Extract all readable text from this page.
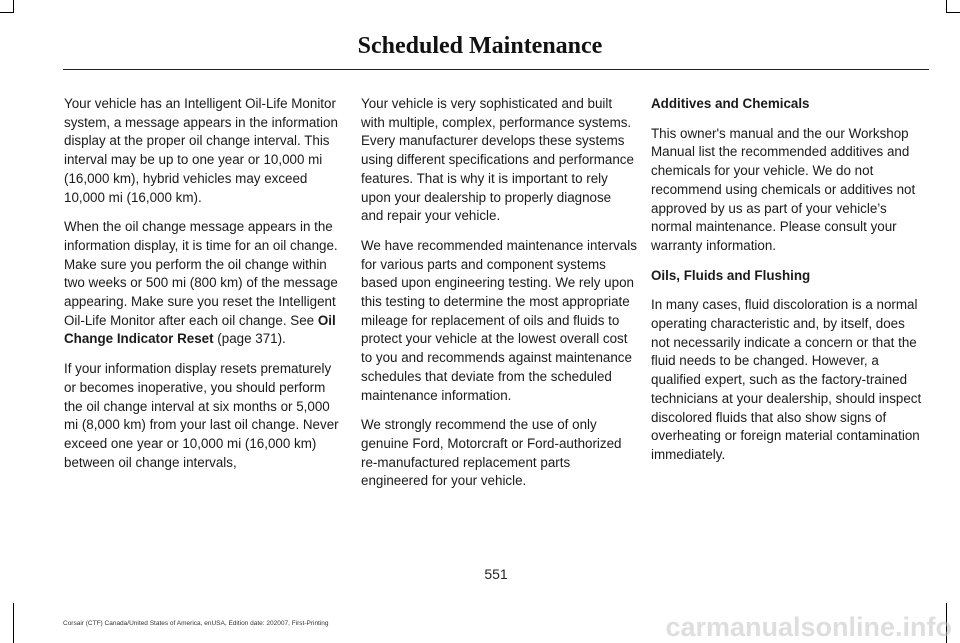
Scheduled Maintenance

Your vehicle has an Intelligent Oil-Life Monitor system, a message appears in the information display at the proper oil change interval. This interval may be up to one year or 10,000 mi (16,000 km), hybrid vehicles may exceed 10,000 mi (16,000 km).

When the oil change message appears in the information display, it is time for an oil change. Make sure you perform the oil change within two weeks or 500 mi (800 km) of the message appearing. Make sure you reset the Intelligent Oil-Life Monitor after each oil change. See Oil Change Indicator Reset (page 371).

If your information display resets prematurely or becomes inoperative, you should perform the oil change interval at six months or 5,000 mi (8,000 km) from your last oil change. Never exceed one year or 10,000 mi (16,000 km) between oil change intervals,

Your vehicle is very sophisticated and built with multiple, complex, performance systems. Every manufacturer develops these systems using different specifications and performance features. That is why it is important to rely upon your dealership to properly diagnose and repair your vehicle.

We have recommended maintenance intervals for various parts and component systems based upon engineering testing. We rely upon this testing to determine the most appropriate mileage for replacement of oils and fluids to protect your vehicle at the lowest overall cost to you and recommends against maintenance schedules that deviate from the scheduled maintenance information.

We strongly recommend the use of only genuine Ford, Motorcraft or Ford-authorized re-manufactured replacement parts engineered for your vehicle.

Additives and Chemicals

This owner's manual and the our Workshop Manual list the recommended additives and chemicals for your vehicle. We do not recommend using chemicals or additives not approved by us as part of your vehicle’s normal maintenance. Please consult your warranty information.

Oils, Fluids and Flushing

In many cases, fluid discoloration is a normal operating characteristic and, by itself, does not necessarily indicate a concern or that the fluid needs to be changed. However, a qualified expert, such as the factory-trained technicians at your dealership, should inspect discolored fluids that also show signs of overheating or foreign material contamination immediately.

551
Corsair (CTF) Canada/United States of America, enUSA, Edition date: 202007, First-Printing	carmanualsonline.info
